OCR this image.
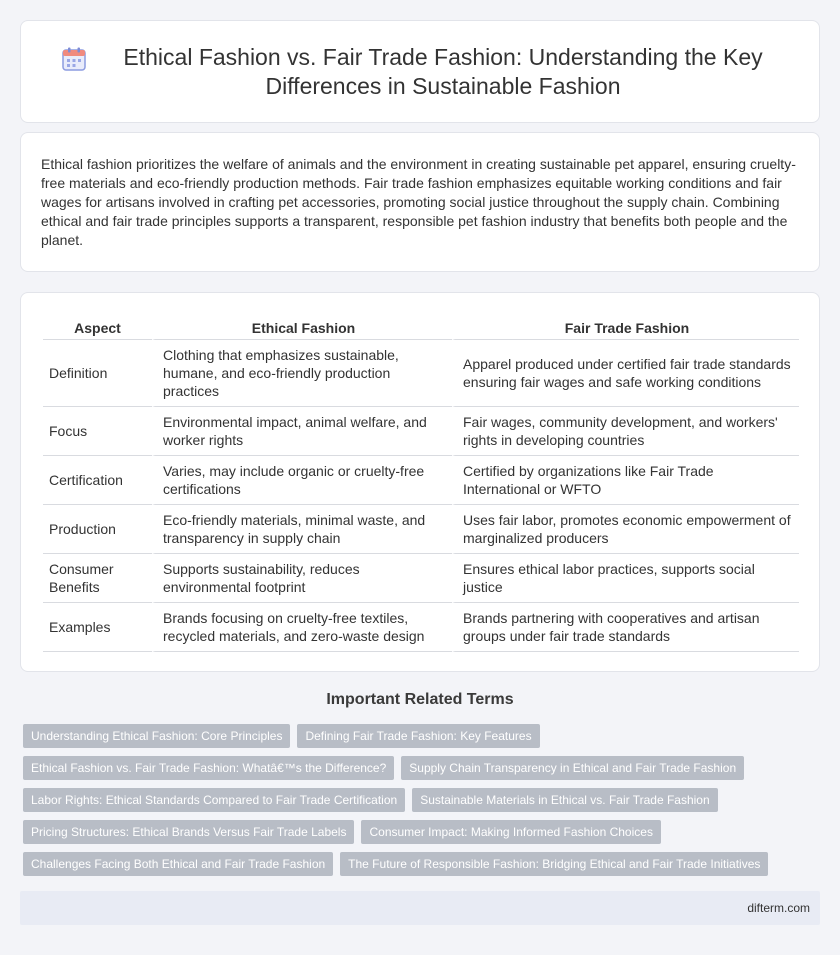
Ethical Fashion vs. Fair Trade Fashion: Understanding the Key Differences in Sustainable Fashion

Ethical fashion prioritizes the welfare of animals and the environment in creating sustainable pet apparel, ensuring cruelty-free materials and eco-friendly production methods. Fair trade fashion emphasizes equitable working conditions and fair wages for artisans involved in crafting pet accessories, promoting social justice throughout the supply chain. Combining ethical and fair trade principles supports a transparent, responsible pet fashion industry that benefits both people and the planet.

Aspect	Ethical Fashion	Fair Trade Fashion
Definition	Clothing that emphasizes sustainable, humane, and eco-friendly production practices	Apparel produced under certified fair trade standards ensuring fair wages and safe working conditions
Focus	Environmental impact, animal welfare, and worker rights	Fair wages, community development, and workers' rights in developing countries
Certification	Varies, may include organic or cruelty-free certifications	Certified by organizations like Fair Trade International or WFTO
Production	Eco-friendly materials, minimal waste, and transparency in supply chain	Uses fair labor, promotes economic empowerment of marginalized producers
Consumer Benefits	Supports sustainability, reduces environmental footprint	Ensures ethical labor practices, supports social justice
Examples	Brands focusing on cruelty-free textiles, recycled materials, and zero-waste design	Brands partnering with cooperatives and artisan groups under fair trade standards
Important Related Terms
Understanding Ethical Fashion: Core Principles	Defining Fair Trade Fashion: Key Features
Ethical Fashion vs. Fair Trade Fashion: Whatâ€™s the Difference?	Supply Chain Transparency in Ethical and Fair Trade Fashion
Labor Rights: Ethical Standards Compared to Fair Trade Certification	Sustainable Materials in Ethical vs. Fair Trade Fashion
Pricing Structures: Ethical Brands Versus Fair Trade Labels	Consumer Impact: Making Informed Fashion Choices
Challenges Facing Both Ethical and Fair Trade Fashion	The Future of Responsible Fashion: Bridging Ethical and Fair Trade Initiatives
difterm.com
